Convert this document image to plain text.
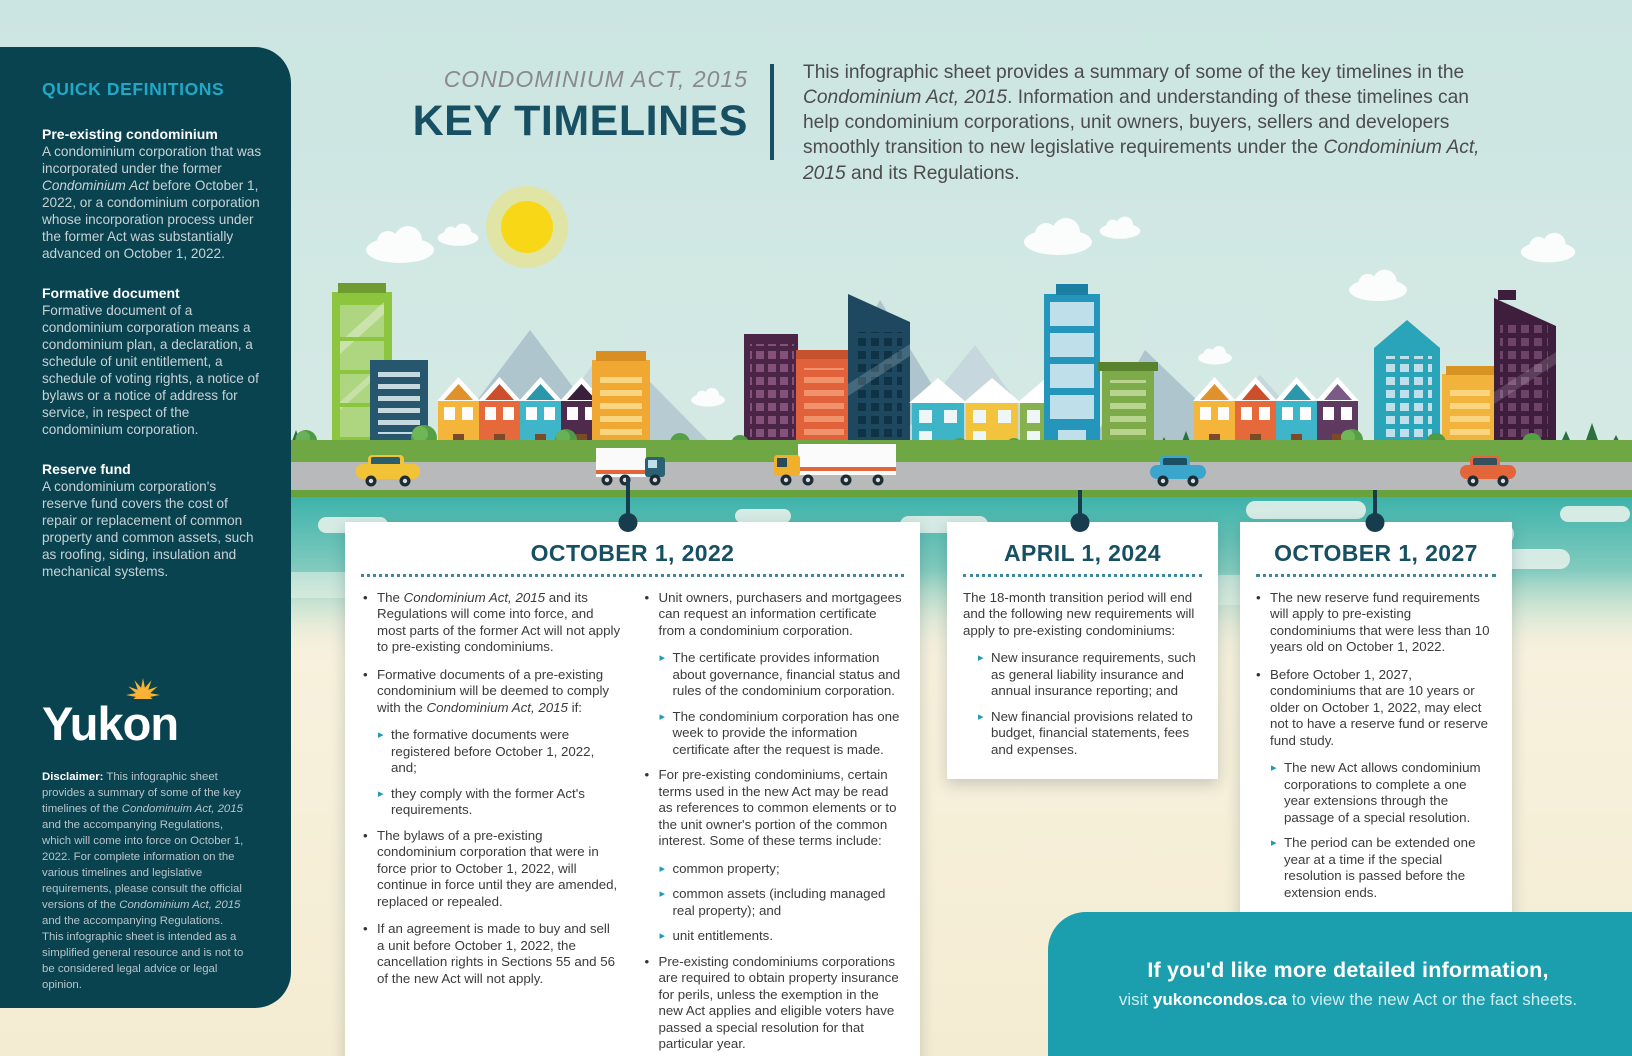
QUICK DEFINITIONS
Pre-existing condominium
A condominium corporation that was incorporated under the former Condominium Act before October 1, 2022, or a condominium corporation whose incorporation process under the former Act was substantially advanced on October 1, 2022.
Formative document
Formative document of a condominium corporation means a condominium plan, a declaration, a schedule of unit entitlement, a schedule of voting rights, a notice of bylaws or a notice of address for service, in respect of the condominium corporation.
Reserve fund
A condominium corporation's reserve fund covers the cost of repair or replacement of common property and common assets, such as roofing, siding, insulation and mechanical systems.
Yukon
Disclaimer: This infographic sheet provides a summary of some of the key timelines of the Condominuim Act, 2015 and the accompanying Regulations, which will come into force on October 1, 2022. For complete information on the various timelines and legislative requirements, please consult the official versions of the Condominium Act, 2015 and the accompanying Regulations. This infographic sheet is intended as a simplified general resource and is not to be considered legal advice or legal opinion.
CONDOMINIUM ACT, 2015
KEY TIMELINES
This infographic sheet provides a summary of some of the key timelines in the Condominium Act, 2015. Information and understanding of these timelines can help condominium corporations, unit owners, buyers, sellers and developers smoothly transition to new legislative requirements under the Condominium Act, 2015 and its Regulations.
OCTOBER 1, 2022
• The Condominium Act, 2015 and its Regulations will come into force, and most parts of the former Act will not apply to pre-existing condominiums.
• Formative documents of a pre-existing condominium will be deemed to comply with the Condominium Act, 2015 if:
▸ the formative documents were registered before October 1, 2022, and;
▸ they comply with the former Act's requirements.
• The bylaws of a pre-existing condominium corporation that were in force prior to October 1, 2022, will continue in force until they are amended, replaced or repealed.
• If an agreement is made to buy and sell a unit before October 1, 2022, the cancellation rights in Sections 55 and 56 of the new Act will not apply.
• Unit owners, purchasers and mortgagees can request an information certificate from a condominium corporation.
▸ The certificate provides information about governance, financial status and rules of the condominium corporation.
▸ The condominium corporation has one week to provide the information certificate after the request is made.
• For pre-existing condominiums, certain terms used in the new Act may be read as references to common elements or to the unit owner's portion of the common interest. Some of these terms include:
▸ common property;
▸ common assets (including managed real property); and
▸ unit entitlements.
• Pre-existing condominiums corporations are required to obtain property insurance for perils, unless the exemption in the new Act applies and eligible voters have passed a special resolution for that particular year.
APRIL 1, 2024
The 18-month transition period will end and the following new requirements will apply to pre-existing condominiums:
▸ New insurance requirements, such as general liability insurance and annual insurance reporting; and
▸ New financial provisions related to budget, financial statements, fees and expenses.
OCTOBER 1, 2027
• The new reserve fund requirements will apply to pre-existing condominiums that were less than 10 years old on October 1, 2022.
• Before October 1, 2027, condominiums that are 10 years or older on October 1, 2022, may elect not to have a reserve fund or reserve fund study.
▸ The new Act allows condominium corporations to complete a one year extensions through the passage of a special resolution.
▸ The period can be extended one year at a time if the special resolution is passed before the extension ends.
If you'd like more detailed information,
visit yukoncondos.ca to view the new Act or the fact sheets.
